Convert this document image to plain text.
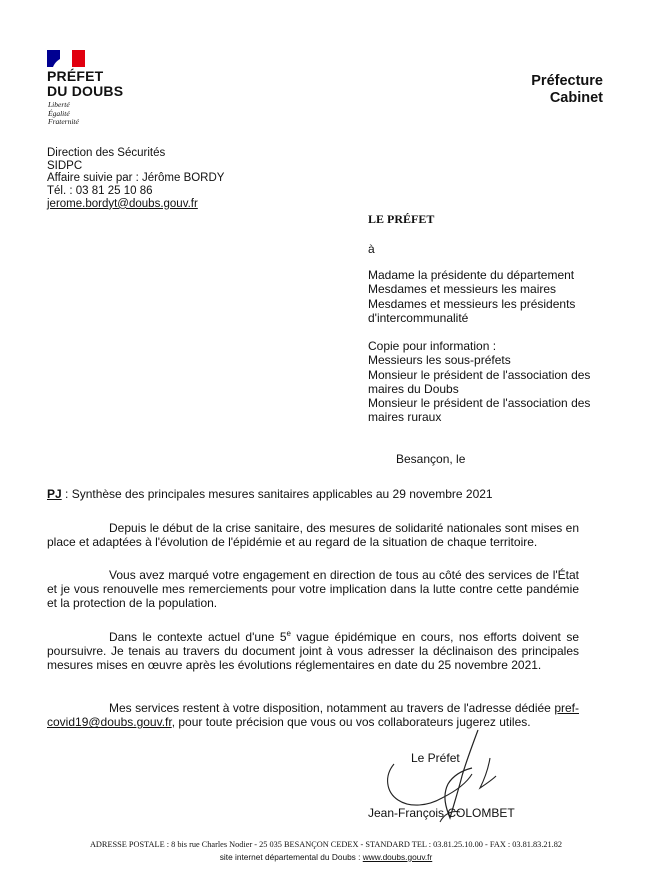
PRÉFET
DU DOUBS
Liberté
Égalité
Fraternité
Préfecture
Cabinet
Direction des Sécurités
SIDPC
Affaire suivie par : Jérôme BORDY
Tél. : 03 81 25 10 86
jerome.bordyt@doubs.gouv.fr
LE PRÉFET
à
Madame la présidente du département
Mesdames et messieurs les maires
Mesdames et messieurs les présidents
d'intercommunalité
Copie pour information :
Messieurs les sous-préfets
Monsieur le président de l'association des
maires du Doubs
Monsieur le président de l'association des
maires ruraux
Besançon, le
PJ : Synthèse des principales mesures sanitaires applicables au 29 novembre 2021
Depuis le début de la crise sanitaire, des mesures de solidarité nationales sont mises en place et adaptées à l'évolution de l'épidémie et au regard de la situation de chaque territoire.
Vous avez marqué votre engagement en direction de tous au côté des services de l'État et je vous renouvelle mes remerciements pour votre implication dans la lutte contre cette pandémie et la protection de la population.
Dans le contexte actuel d'une 5e vague épidémique en cours, nos efforts doivent se poursuivre. Je tenais au travers du document joint à vous adresser la déclinaison des principales mesures mises en œuvre après les évolutions réglementaires en date du 25 novembre 2021.
Mes services restent à votre disposition, notamment au travers de l'adresse dédiée pref-covid19@doubs.gouv.fr, pour toute précision que vous ou vos collaborateurs jugerez utiles.
Le Préfet
Jean-François COLOMBET
ADRESSE POSTALE : 8 bis rue Charles Nodier - 25 035 BESANÇON CEDEX - STANDARD TEL : 03.81.25.10.00 - FAX : 03.81.83.21.82
site internet départemental du Doubs : www.doubs.gouv.fr
